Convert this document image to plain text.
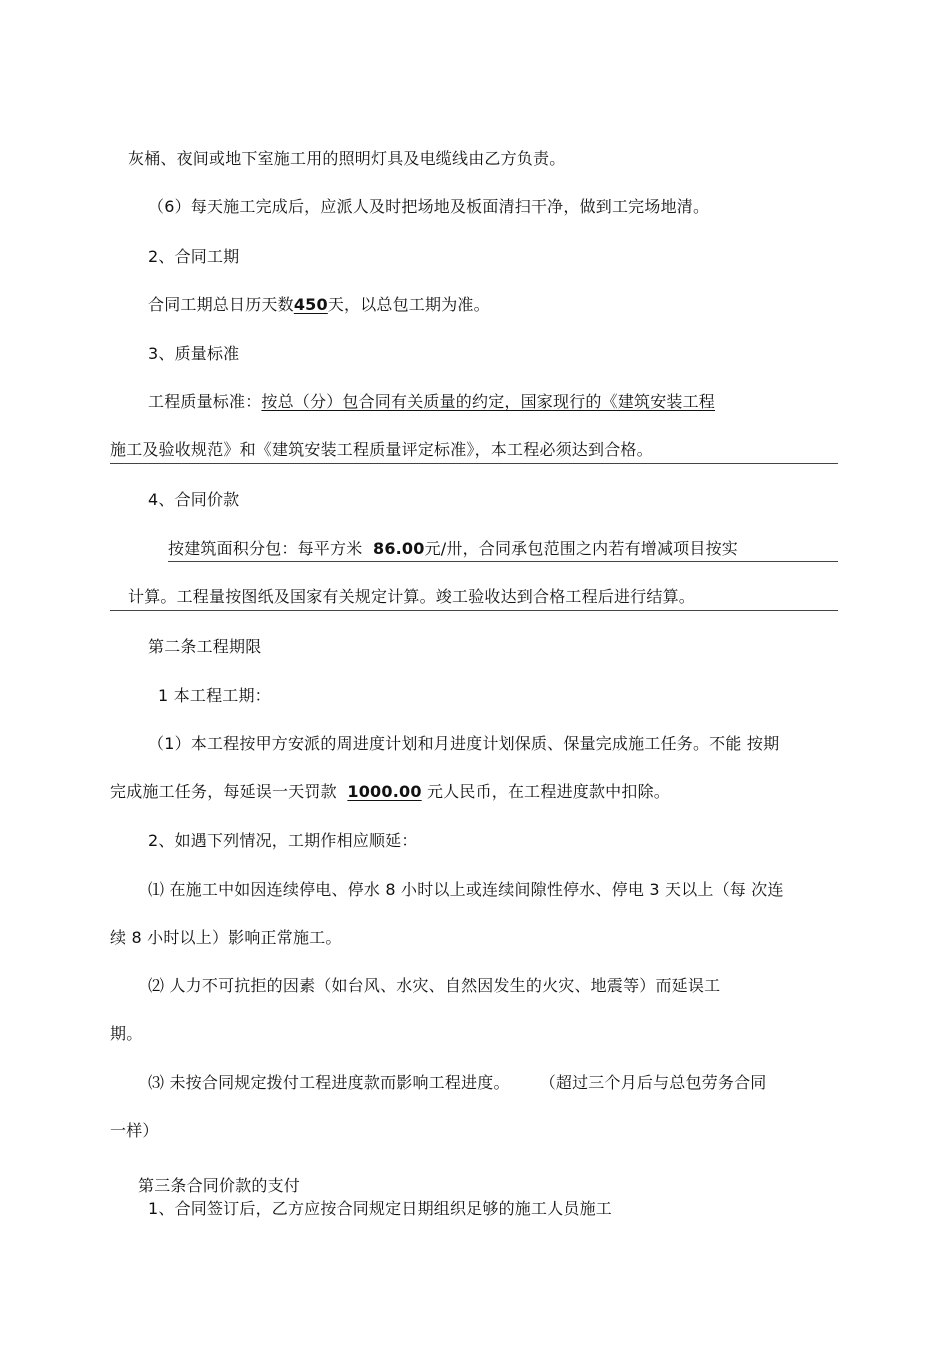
灰桶、夜间或地下室施工用的照明灯具及电缆线由乙方负责。
（6）每天施工完成后，应派人及时把场地及板面清扫干净，做到工完场地清。
2、合同工期
合同工期总日历天数450天，以总包工期为准。
3、质量标准
工程质量标准：按总（分）包合同有关质量的约定，国家现行的《建筑安装工程
施工及验收规范》和《建筑安装工程质量评定标准》，本工程必须达到合格。
4、合同价款
按建筑面积分包：每平方米 86.00元/卅，合同承包范围之内若有增减项目按实
计算。工程量按图纸及国家有关规定计算。竣工验收达到合格工程后进行结算。
第二条工程期限
1 本工程工期：
（1）本工程按甲方安派的周进度计划和月进度计划保质、保量完成施工任务。不能 按期
完成施工任务，每延误一天罚款 1000.00 元人民币，在工程进度款中扣除。
2、如遇下列情况，工期作相应顺延：
⑴ 在施工中如因连续停电、停水 8 小时以上或连续间隙性停水、停电 3 天以上（每 次连
续 8 小时以上）影响正常施工。
⑵ 人力不可抗拒的因素（如台风、水灾、自然因发生的火灾、地震等）而延误工
期。
⑶ 未按合同规定拨付工程进度款而影响工程进度。 （超过三个月后与总包劳务合同
一样）
第三条合同价款的支付
1、合同签订后，乙方应按合同规定日期组织足够的施工人员施工
